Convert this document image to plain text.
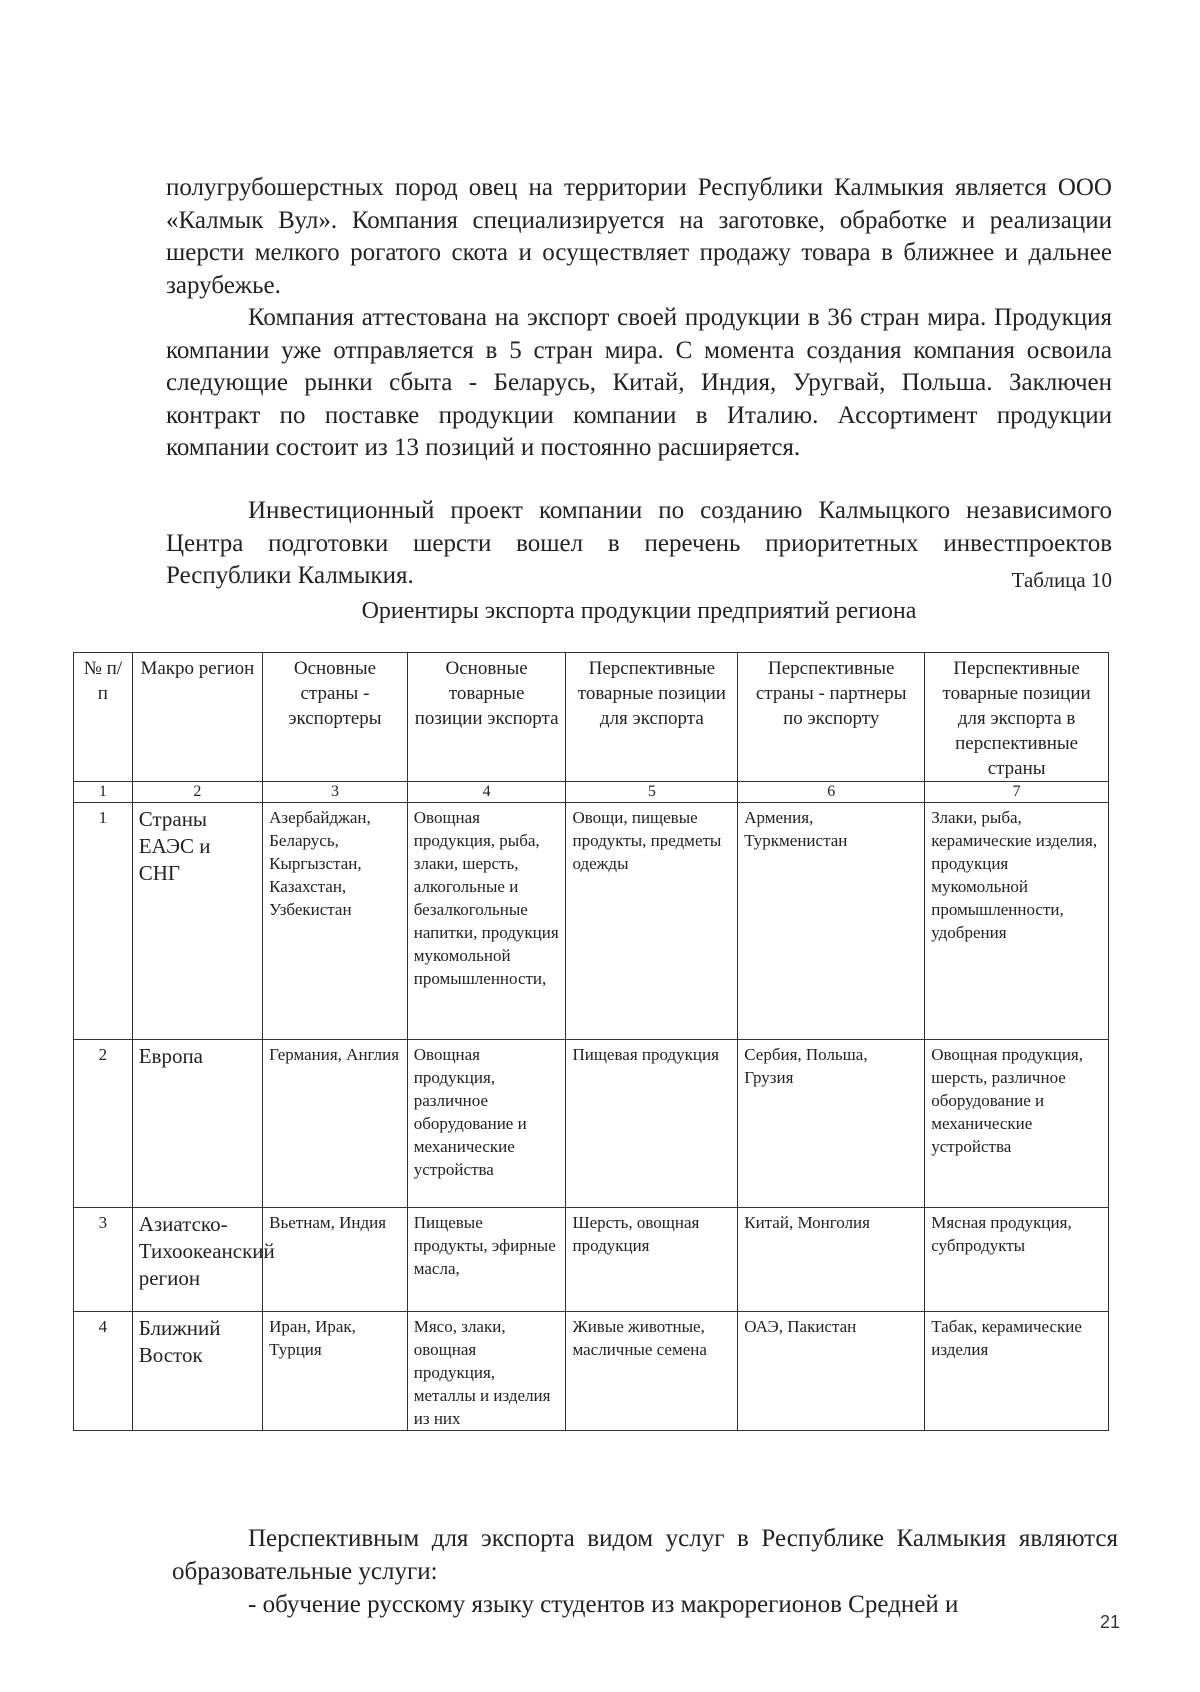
полугрубошерстных пород овец на территории Республики Калмыкия является ООО «Калмык Вул». Компания специализируется на заготовке, обработке и реализации шерсти мелкого рогатого скота и осуществляет продажу товара в ближнее и дальнее зарубежье.

Компания аттестована на экспорт своей продукции в 36 стран мира. Продукция компании уже отправляется в 5 стран мира. С момента создания компания освоила следующие рынки сбыта - Беларусь, Китай, Индия, Уругвай, Польша. Заключен контракт по поставке продукции компании в Италию. Ассортимент продукции компании состоит из 13 позиций и постоянно расширяется.

Инвестиционный проект компании по созданию Калмыцкого независимого Центра подготовки шерсти вошел в перечень приоритетных инвестпроектов Республики Калмыкия.	Таблица 10
Ориентиры экспорта продукции предприятий региона
№ п/п	Макро регион	Основные страны - экспортеры	Основные товарные позиции экспорта	Перспективные товарные позиции для экспорта	Перспективные страны - партнеры по экспорту	Перспективные товарные позиции для экспорта в перспективные страны
1	2	3	4	5	6	7
1	Страны ЕАЭС и СНГ	Азербайджан, Беларусь, Кыргызстан, Казахстан, Узбекистан	Овощная продукция, рыба, злаки, шерсть, алкогольные и безалкогольные напитки, продукция мукомольной промышленности,	Овощи, пищевые продукты, предметы одежды	Армения, Туркменистан	Злаки, рыба, керамические изделия, продукция мукомольной промышленности, удобрения
2	Европа	Германия, Англия	Овощная продукция, различное оборудование и механические устройства	Пищевая продукция	Сербия, Польша, Грузия	Овощная продукция, шерсть, различное оборудование и механические устройства
3	Азиатско-Тихоокеанский регион	Вьетнам, Индия	Пищевые продукты, эфирные масла,	Шерсть, овощная продукция	Китай, Монголия	Мясная продукция, субпродукты
4	Ближний Восток	Иран, Ирак, Турция	Мясо, злаки, овощная продукция, металлы и изделия из них	Живые животные, масличные семена	ОАЭ, Пакистан	Табак, керамические изделия

Перспективным для экспорта видом услуг в Республике Калмыкия являются образовательные услуги:

- обучение русскому языку студентов из макрорегионов Средней и

21
